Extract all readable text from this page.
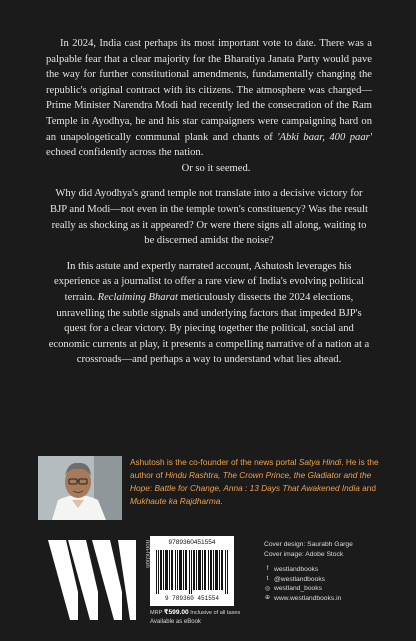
In 2024, India cast perhaps its most important vote to date. There was a palpable fear that a clear majority for the Bharatiya Janata Party would pave the way for further constitutional amendments, fundamentally changing the republic's original contract with its citizens. The atmosphere was charged—Prime Minister Narendra Modi had recently led the consecration of the Ram Temple in Ayodhya, he and his star campaigners were campaigning hard on an unapologetically communal plank and chants of 'Abki baar, 400 paar' echoed confidently across the nation.
Or so it seemed.

Why did Ayodhya's grand temple not translate into a decisive victory for BJP and Modi—not even in the temple town's constituency? Was the result really as shocking as it appeared? Or were there signs all along, waiting to be discerned amidst the noise?

In this astute and expertly narrated account, Ashutosh leverages his experience as a journalist to offer a rare view of India's evolving political terrain. Reclaiming Bharat meticulously dissects the 2024 elections, unravelling the subtle signals and underlying factors that impeded BJP's quest for a clear victory. By piecing together the political, social and economic currents at play, it presents a compelling narrative of a nation at a crossroads—and perhaps a way to understand what lies ahead.

Ashutosh is the co-founder of the news portal Satya Hindi. He is the author of Hindu Rashtra, The Crown Prince, the Gladiator and the Hope: Battle for Change, Anna : 13 Days That Awakened India and Mukhaute ka Rajdharma.
non-fiction	9789360451554
9 789360 451554
MRP ₹599.00 Inclusive of all taxes
Available as eBook
Cover design: Saurabh Garge
Cover image: Adobe Stock
f westlandbooks
t @westlandbooks
◎ westland_books
⊕ www.westlandbooks.in
